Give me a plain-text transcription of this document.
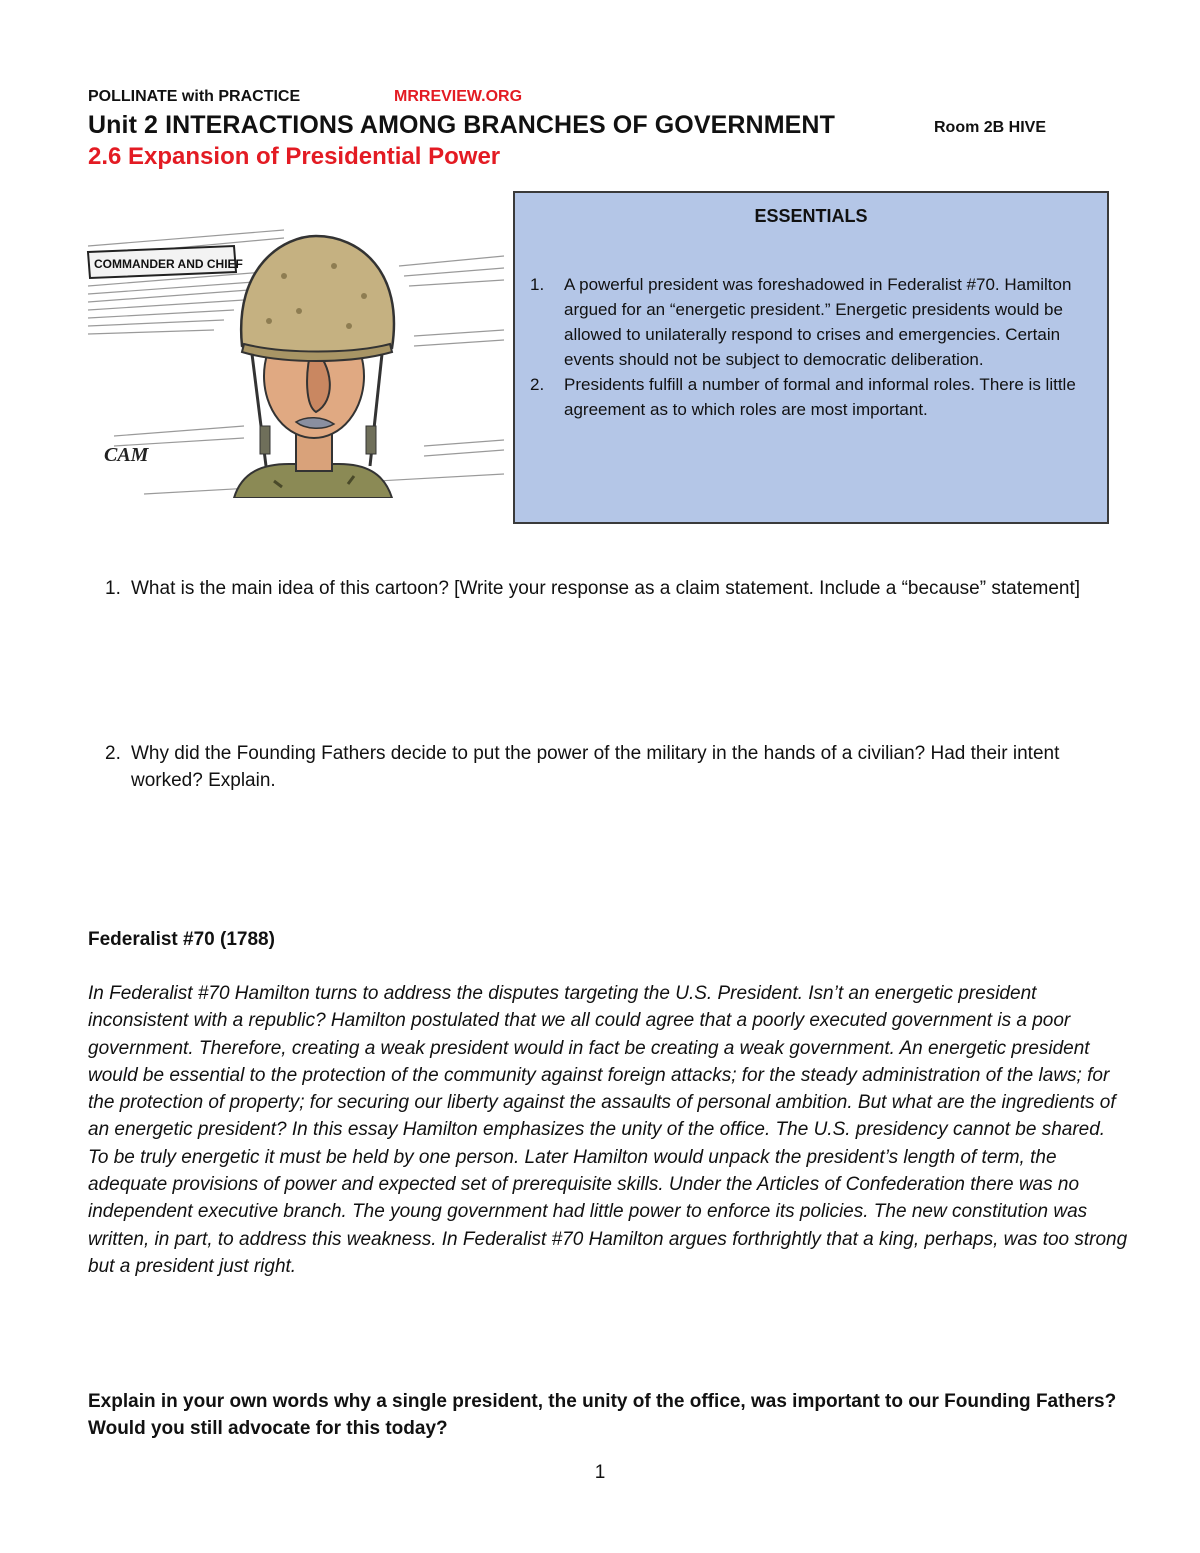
POLLINATE with PRACTICE	MRREVIEW.ORG
Unit 2 INTERACTIONS AMONG BRANCHES OF GOVERNMENT	Room 2B HIVE
2.6 Expansion of Presidential Power
COMMANDER AND CHIEF
CAM
ESSENTIALS
1. A powerful president was foreshadowed in Federalist #70. Hamilton argued for an “energetic president.” Energetic presidents would be allowed to unilaterally respond to crises and emergencies. Certain events should not be subject to democratic deliberation.
2. Presidents fulfill a number of formal and informal roles. There is little agreement as to which roles are most important.
1. What is the main idea of this cartoon? [Write your response as a claim statement. Include a “because” statement]
2. Why did the Founding Fathers decide to put the power of the military in the hands of a civilian? Had their intent worked? Explain.
Federalist #70 (1788)

In Federalist #70 Hamilton turns to address the disputes targeting the U.S. President. Isn’t an energetic president inconsistent with a republic? Hamilton postulated that we all could agree that a poorly executed government is a poor government. Therefore, creating a weak president would in fact be creating a weak government. An energetic president would be essential to the protection of the community against foreign attacks; for the steady administration of the laws; for the protection of property; for securing our liberty against the assaults of personal ambition. But what are the ingredients of an energetic president? In this essay Hamilton emphasizes the unity of the office. The U.S. presidency cannot be shared. To be truly energetic it must be held by one person. Later Hamilton would unpack the president’s length of term, the adequate provisions of power and expected set of prerequisite skills. Under the Articles of Confederation there was no independent executive branch. The young government had little power to enforce its policies. The new constitution was written, in part, to address this weakness. In Federalist #70 Hamilton argues forthrightly that a king, perhaps, was too strong but a president just right.

Explain in your own words why a single president, the unity of the office, was important to our Founding Fathers? Would you still advocate for this today?

1
